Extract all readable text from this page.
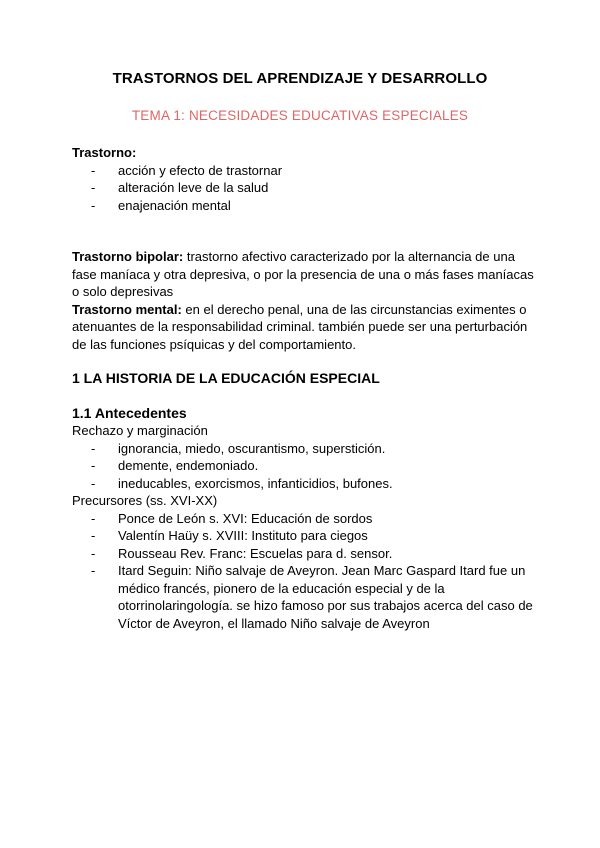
TRASTORNOS DEL APRENDIZAJE Y DESARROLLO
TEMA 1: NECESIDADES EDUCATIVAS ESPECIALES

Trastorno:

- acción y efecto de trastornar
- alteración leve de la salud
- enajenación mental

Trastorno bipolar: trastorno afectivo caracterizado por la alternancia de una fase maníaca y otra depresiva, o por la presencia de una o más fases maníacas o solo depresivas

Trastorno mental: en el derecho penal, una de las circunstancias eximentes o atenuantes de la responsabilidad criminal. también puede ser una perturbación de las funciones psíquicas y del comportamiento.

1 LA HISTORIA DE LA EDUCACIÓN ESPECIAL

1.1 Antecedentes

Rechazo y marginación

- ignorancia, miedo, oscurantismo, superstición.
- demente, endemoniado.
- ineducables, exorcismos, infanticidios, bufones.

Precursores (ss. XVI-XX)

- Ponce de León s. XVI: Educación de sordos
- Valentín Haüy s. XVIII: Instituto para ciegos
- Rousseau Rev. Franc: Escuelas para d. sensor.
- Itard Seguin: Niño salvaje de Aveyron. Jean Marc Gaspard Itard fue un médico francés, pionero de la educación especial y de la otorrinolaringología. se hizo famoso por sus trabajos acerca del caso de Víctor de Aveyron, el llamado Niño salvaje de Aveyron
